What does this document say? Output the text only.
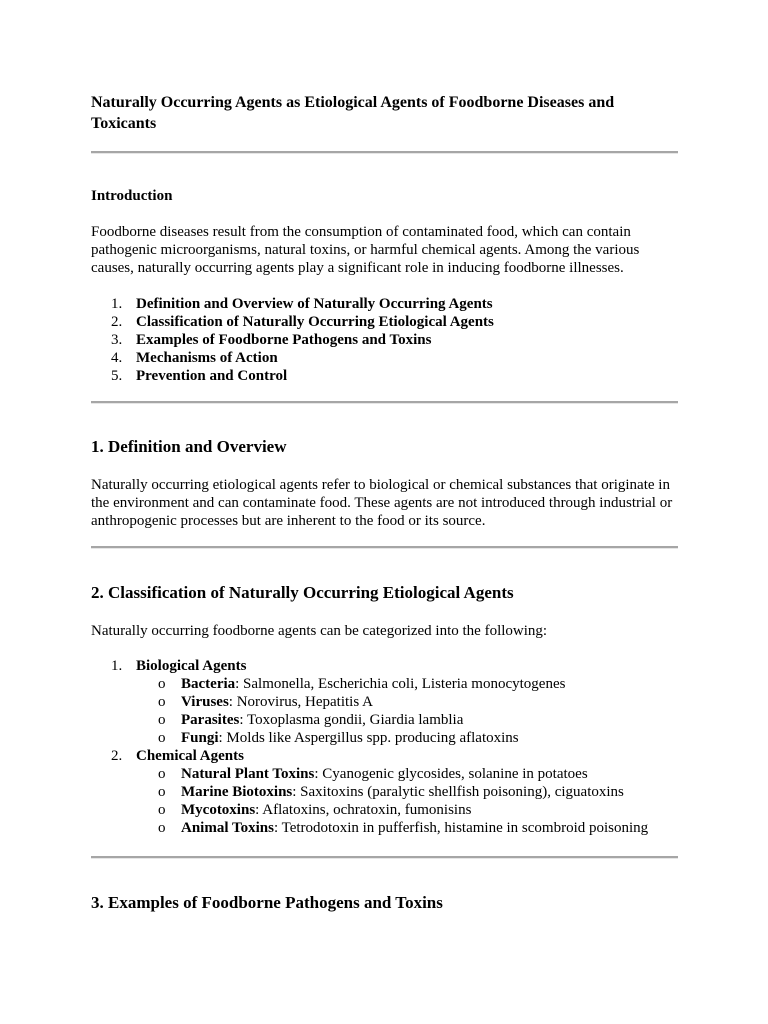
Naturally Occurring Agents as Etiological Agents of Foodborne Diseases and Toxicants
Introduction

Foodborne diseases result from the consumption of contaminated food, which can contain pathogenic microorganisms, natural toxins, or harmful chemical agents. Among the various causes, naturally occurring agents play a significant role in inducing foodborne illnesses.

1. Definition and Overview of Naturally Occurring Agents
2. Classification of Naturally Occurring Etiological Agents
3. Examples of Foodborne Pathogens and Toxins
4. Mechanisms of Action
5. Prevention and Control
1. Definition and Overview

Naturally occurring etiological agents refer to biological or chemical substances that originate in the environment and can contaminate food. These agents are not introduced through industrial or anthropogenic processes but are inherent to the food or its source.

2. Classification of Naturally Occurring Etiological Agents

Naturally occurring foodborne agents can be categorized into the following:

1. Biological Agents
o Bacteria: Salmonella, Escherichia coli, Listeria monocytogenes
o Viruses: Norovirus, Hepatitis A
o Parasites: Toxoplasma gondii, Giardia lamblia
o Fungi: Molds like Aspergillus spp. producing aflatoxins
2. Chemical Agents
o Natural Plant Toxins: Cyanogenic glycosides, solanine in potatoes
o Marine Biotoxins: Saxitoxins (paralytic shellfish poisoning), ciguatoxins
o Mycotoxins: Aflatoxins, ochratoxin, fumonisins
o Animal Toxins: Tetrodotoxin in pufferfish, histamine in scombroid poisoning
3. Examples of Foodborne Pathogens and Toxins
